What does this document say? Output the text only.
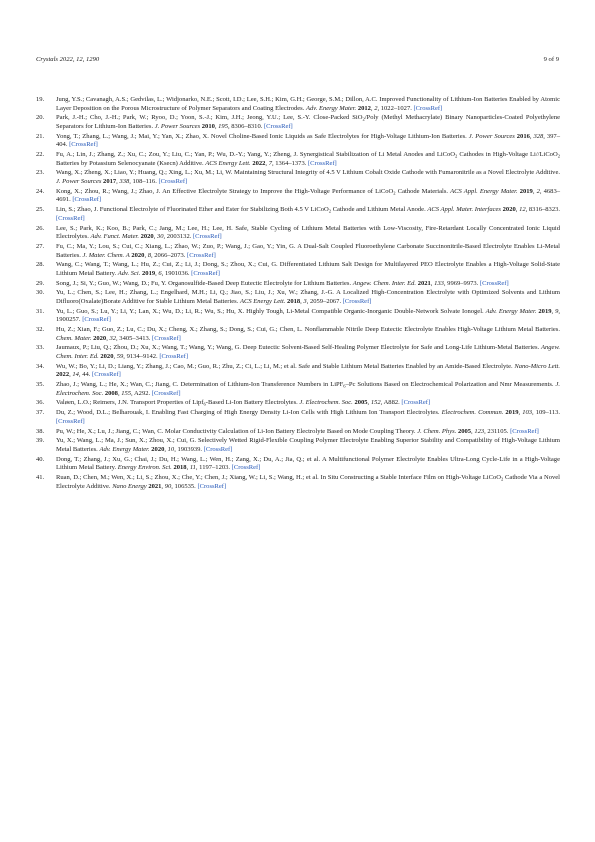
Crystals 2022, 12, 1290	9 of 9
19. Jung, Y.S.; Cavanagh, A.S.; Gedvilas, L.; Widjonarko, N.E.; Scott, I.D.; Lee, S.H.; Kim, G.H.; George, S.M.; Dillon, A.C. Improved Functionality of Lithium-Ion Batteries Enabled by Atomic Layer Deposition on the Porous Microstructure of Polymer Separators and Coating Electrodes. Adv. Energy Mater. 2012, 2, 1022–1027. [CrossRef]
20. Park, J.-H.; Cho, J.-H.; Park, W.; Ryoo, D.; Yoon, S.-J.; Kim, J.H.; Jeong, Y.U.; Lee, S.-Y. Close-Packed SiO$_2$/Poly (Methyl Methacrylate) Binary Nanoparticles-Coated Polyethylene Separators for Lithium-Ion Batteries. J. Power Sources 2010, 195, 8306–8310. [CrossRef]
21. Yong, T.; Zhang, L.; Wang, J.; Mai, Y.; Yan, X.; Zhao, X. Novel Choline-Based Ionic Liquids as Safe Electrolytes for High-Voltage Lithium-Ion Batteries. J. Power Sources 2016, 328, 397–404. [CrossRef]
22. Fu, A.; Lin, J.; Zhang, Z.; Xu, C.; Zou, Y.; Liu, C.; Yan, P.; Wu, D.-Y.; Yang, Y.; Zheng, J. Synergistical Stabilization of Li Metal Anodes and LiCoO$_2$ Cathodes in High-Voltage Li//LiCoO$_2$ Batteries by Potassium Selenocyanate (Ksecn) Additive. ACS Energy Lett. 2022, 7, 1364–1373. [CrossRef]
23. Wang, X.; Zheng, X.; Liao, Y.; Huang, Q.; Xing, L.; Xu, M.; Li, W. Maintaining Structural Integrity of 4.5 V Lithium Cobalt Oxide Cathode with Fumaronitrile as a Novel Electrolyte Additive. J. Power Sources 2017, 338, 108–116. [CrossRef]
24. Kong, X.; Zhou, R.; Wang, J.; Zhao, J. An Effective Electrolyte Strategy to Improve the High-Voltage Performance of LiCoO$_2$ Cathode Materials. ACS Appl. Energy Mater. 2019, 2, 4683–4691. [CrossRef]
25. Lin, S.; Zhao, J. Functional Electrolyte of Fluorinated Ether and Ester for Stabilizing Both 4.5 V LiCoO$_2$ Cathode and Lithium Metal Anode. ACS Appl. Mater. Interfaces 2020, 12, 8316–8323. [CrossRef]
26. Lee, S.; Park, K.; Koo, B.; Park, C.; Jang, M.; Lee, H.; Lee, H. Safe, Stable Cycling of Lithium Metal Batteries with Low-Viscosity, Fire-Retardant Locally Concentrated Ionic Liquid Electrolytes. Adv. Funct. Mater. 2020, 30, 2003132. [CrossRef]
27. Fu, C.; Ma, Y.; Lou, S.; Cui, C.; Xiang, L.; Zhao, W.; Zuo, P.; Wang, J.; Gao, Y.; Yin, G. A Dual-Salt Coupled Fluoroethylene Carbonate Succinonitrile-Based Electrolyte Enables Li-Metal Batteries. J. Mater. Chem. A 2020, 8, 2066–2073. [CrossRef]
28. Wang, C.; Wang, T.; Wang, L.; Hu, Z.; Cui, Z.; Li, J.; Dong, S.; Zhou, X.; Cui, G. Differentiated Lithium Salt Design for Multilayered PEO Electrolyte Enables a High-Voltage Solid-State Lithium Metal Battery. Adv. Sci. 2019, 6, 1901036. [CrossRef]
29. Song, J.; Si, Y.; Guo, W.; Wang, D.; Fu, Y. Organosulfide-Based Deep Eutectic Electrolyte for Lithium Batteries. Angew. Chem. Inter. Ed. 2021, 133, 9969–9973. [CrossRef]
30. Yu, L.; Chen, S.; Lee, H.; Zhang, L.; Engelhard, M.H.; Li, Q.; Jiao, S.; Liu, J.; Xu, W.; Zhang, J.-G. A Localized High-Concentration Electrolyte with Optimized Solvents and Lithium Difluoro(Oxalate)Borate Additive for Stable Lithium Metal Batteries. ACS Energy Lett. 2018, 3, 2059–2067. [CrossRef]
31. Yu, L.; Guo, S.; Lu, Y.; Li, Y.; Lan, X.; Wu, D.; Li, R.; Wu, S.; Hu, X. Highly Tough, Li-Metal Compatible Organic-Inorganic Double-Network Solvate Ionogel. Adv. Energy Mater. 2019, 9, 1900257. [CrossRef]
32. Hu, Z.; Xian, F.; Guo, Z.; Lu, C.; Du, X.; Cheng, X.; Zhang, S.; Dong, S.; Cui, G.; Chen, L. Nonflammable Nitrile Deep Eutectic Electrolyte Enables High-Voltage Lithium Metal Batteries. Chem. Mater. 2020, 32, 3405–3413. [CrossRef]
33. Jaumaux, P.; Liu, Q.; Zhou, D.; Xu, X.; Wang, T.; Wang, Y.; Wang, G. Deep Eutectic Solvent-Based Self-Healing Polymer Electrolyte for Safe and Long-Life Lithium-Metal Batteries. Angew. Chem. Inter. Ed. 2020, 59, 9134–9142. [CrossRef]
34. Wu, W.; Bo, Y.; Li, D.; Liang, Y.; Zhang, J.; Cao, M.; Guo, R.; Zhu, Z.; Ci, L.; Li, M.; et al. Safe and Stable Lithium Metal Batteries Enabled by an Amide-Based Electrolyte. Nano-Micro Lett. 2022, 14, 44. [CrossRef]
35. Zhao, J.; Wang, L.; He, X.; Wan, C.; Jiang, C. Determination of Lithium-Ion Transference Numbers in LiPF$_6$–Pc Solutions Based on Electrochemical Polarization and Nmr Measurements. J. Electrochem. Soc. 2008, 155, A292. [CrossRef]
36. Valøen, L.O.; Reimers, J.N. Transport Properties of Lipf$_6$-Based Li-Ion Battery Electrolytes. J. Electrochem. Soc. 2005, 152, A882. [CrossRef]
37. Du, Z.; Wood, D.L.; Belharouak, I. Enabling Fast Charging of High Energy Density Li-Ion Cells with High Lithium Ion Transport Electrolytes. Electrochem. Commun. 2019, 103, 109–113. [CrossRef]
38. Pu, W.; He, X.; Lu, J.; Jiang, C.; Wan, C. Molar Conductivity Calculation of Li-Ion Battery Electrolyte Based on Mode Coupling Theory. J. Chem. Phys. 2005, 123, 231105. [CrossRef]
39. Yu, X.; Wang, L.; Ma, J.; Sun, X.; Zhou, X.; Cui, G. Selectively Wetted Rigid-Flexible Coupling Polymer Electrolyte Enabling Superior Stability and Compatibility of High-Voltage Lithium Metal Batteries. Adv. Energy Mater. 2020, 10, 1903939. [CrossRef]
40. Dong, T.; Zhang, J.; Xu, G.; Chai, J.; Du, H.; Wang, L.; Wen, H.; Zang, X.; Du, A.; Jia, Q.; et al. A Multifunctional Polymer Electrolyte Enables Ultra-Long Cycle-Life in a High-Voltage Lithium Metal Battery. Energy Environ. Sci. 2018, 11, 1197–1203. [CrossRef]
41. Ruan, D.; Chen, M.; Wen, X.; Li, S.; Zhou, X.; Che, Y.; Chen, J.; Xiang, W.; Li, S.; Wang, H.; et al. In Situ Constructing a Stable Interface Film on High-Voltage LiCoO$_2$ Cathode Via a Novel Electrolyte Additive. Nano Energy 2021, 90, 106535. [CrossRef]
